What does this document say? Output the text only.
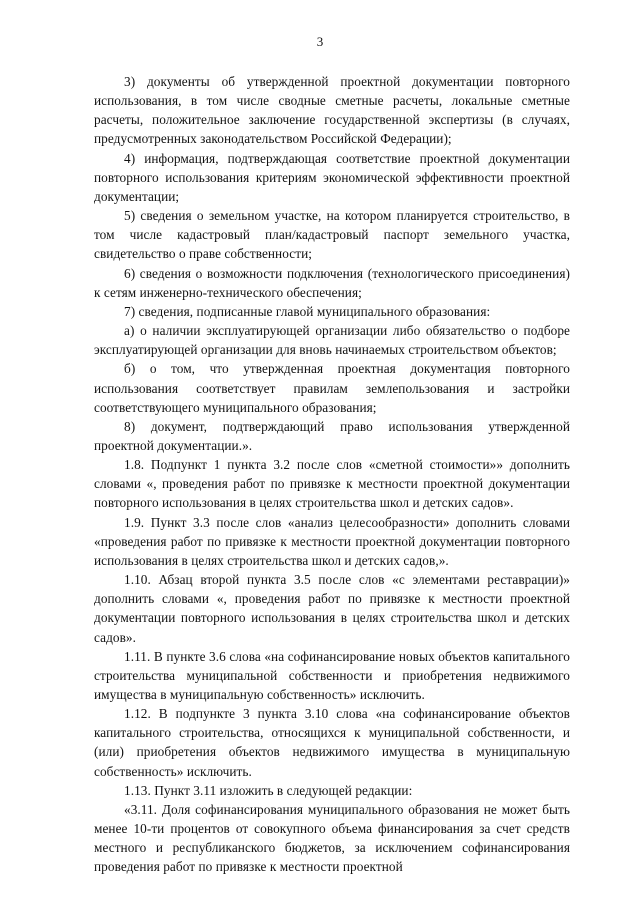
3

3) документы об утвержденной проектной документации повторного использования, в том числе сводные сметные расчеты, локальные сметные расчеты, положительное заключение государственной экспертизы (в случаях, предусмотренных законодательством Российской Федерации);

4) информация, подтверждающая соответствие проектной документации повторного использования критериям экономической эффективности проектной документации;

5) сведения о земельном участке, на котором планируется строительство, в том числе кадастровый план/кадастровый паспорт земельного участка, свидетельство о праве собственности;

6) сведения о возможности подключения (технологического присоединения) к сетям инженерно-технического обеспечения;

7) сведения, подписанные главой муниципального образования:

а) о наличии эксплуатирующей организации либо обязательство о подборе эксплуатирующей организации для вновь начинаемых строительством объектов;

б) о том, что утвержденная проектная документация повторного использования соответствует правилам землепользования и застройки соответствующего муниципального образования;

8) документ, подтверждающий право использования утвержденной проектной документации.».

1.8. Подпункт 1 пункта 3.2 после слов «сметной стоимости»» дополнить словами «, проведения работ по привязке к местности проектной документации повторного использования в целях строительства школ и детских садов».

1.9. Пункт 3.3 после слов «анализ целесообразности» дополнить словами «проведения работ по привязке к местности проектной документации повторного использования в целях строительства школ и детских садов,».

1.10. Абзац второй пункта 3.5 после слов «с элементами реставрации)» дополнить словами «, проведения работ по привязке к местности проектной документации повторного использования в целях строительства школ и детских садов».

1.11. В пункте 3.6 слова «на софинансирование новых объектов капитального строительства муниципальной собственности и приобретения недвижимого имущества в муниципальную собственность» исключить.

1.12. В подпункте 3 пункта 3.10 слова «на софинансирование объектов капитального строительства, относящихся к муниципальной собственности, и (или) приобретения объектов недвижимого имущества в муниципальную собственность» исключить.

1.13. Пункт 3.11 изложить в следующей редакции:

«3.11. Доля софинансирования муниципального образования не может быть менее 10-ти процентов от совокупного объема финансирования за счет средств местного и республиканского бюджетов, за исключением софинансирования проведения работ по привязке к местности проектной
